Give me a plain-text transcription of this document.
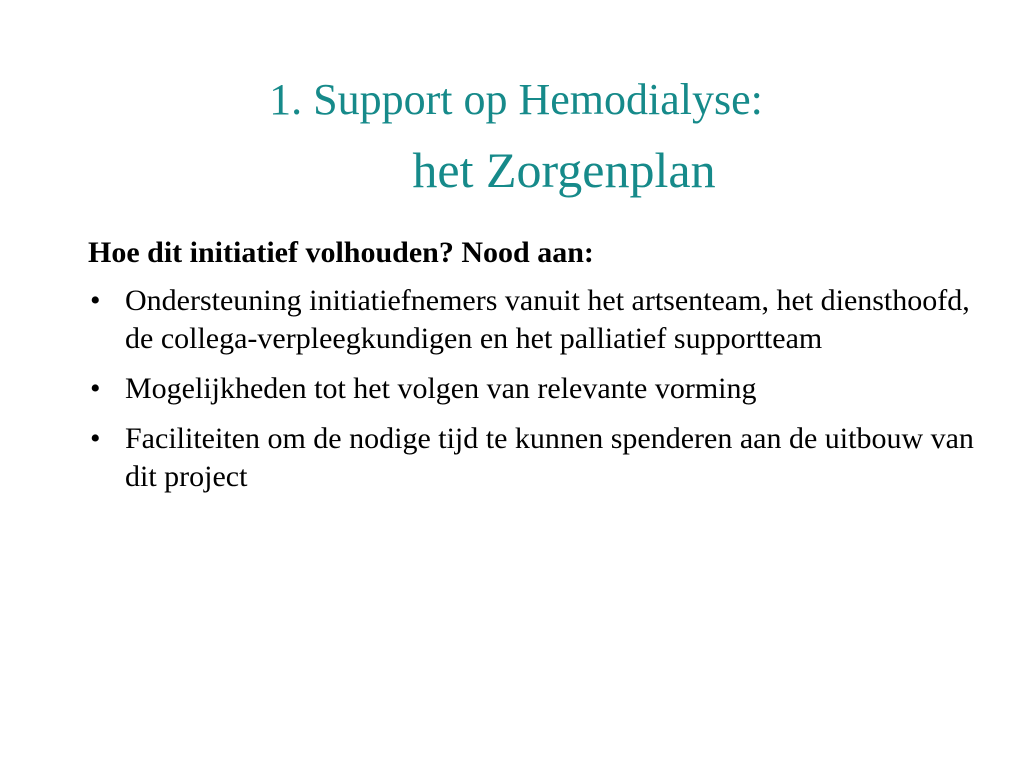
1. Support op Hemodialyse:
het Zorgenplan
Hoe dit initiatief volhouden? Nood aan:
• Ondersteuning initiatiefnemers vanuit het artsenteam, het diensthoofd, de collega-verpleegkundigen en het palliatief supportteam
• Mogelijkheden tot het volgen van relevante vorming
• Faciliteiten om de nodige tijd te kunnen spenderen aan de uitbouw van dit project
